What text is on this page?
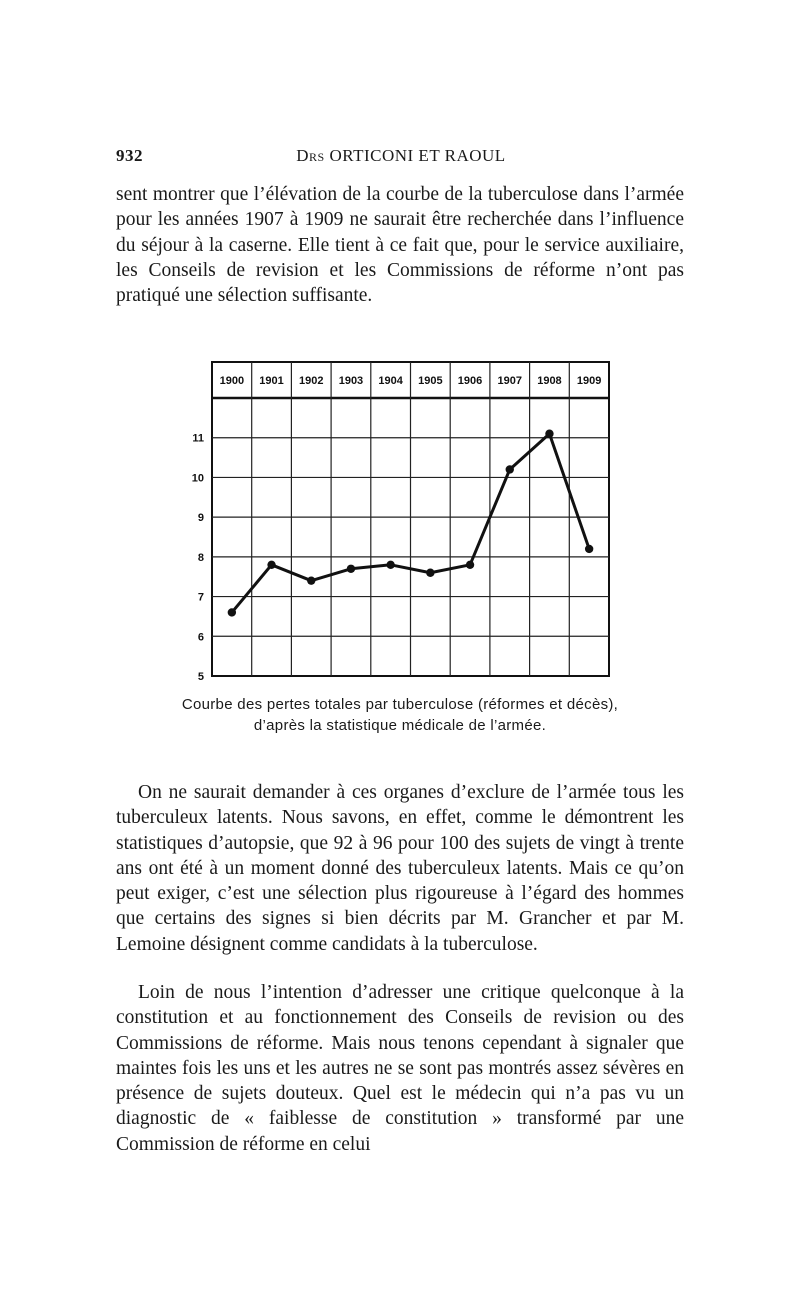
932	Drs ORTICONI ET RAOUL

sent montrer que l’élévation de la courbe de la tuberculose dans l’armée pour les années 1907 à 1909 ne saurait être recherchée dans l’influence du séjour à la caserne. Elle tient à ce fait que, pour le service auxiliaire, les Conseils de revision et les Commissions de réforme n’ont pas pratiqué une sélection suffisante.

1900 1901 1902 1903 1904 1905 1906 1907 1908 1909
5
6
7
8
9
10
11
Courbe des pertes totales par tuberculose (réformes et décès),
d’après la statistique médicale de l’armée.

On ne saurait demander à ces organes d’exclure de l’armée tous les tuberculeux latents. Nous savons, en effet, comme le démontrent les statistiques d’autopsie, que 92 à 96 pour 100 des sujets de vingt à trente ans ont été à un moment donné des tuberculeux latents. Mais ce qu’on peut exiger, c’est une sélection plus rigoureuse à l’égard des hommes que certains des signes si bien décrits par M. Grancher et par M. Lemoine désignent comme candidats à la tuberculose.

Loin de nous l’intention d’adresser une critique quelconque à la constitution et au fonctionnement des Conseils de revision ou des Commissions de réforme. Mais nous tenons cependant à signaler que maintes fois les uns et les autres ne se sont pas montrés assez sévères en présence de sujets douteux. Quel est le médecin qui n’a pas vu un diagnostic de « faiblesse de constitution » transformé par une Commission de réforme en celui
